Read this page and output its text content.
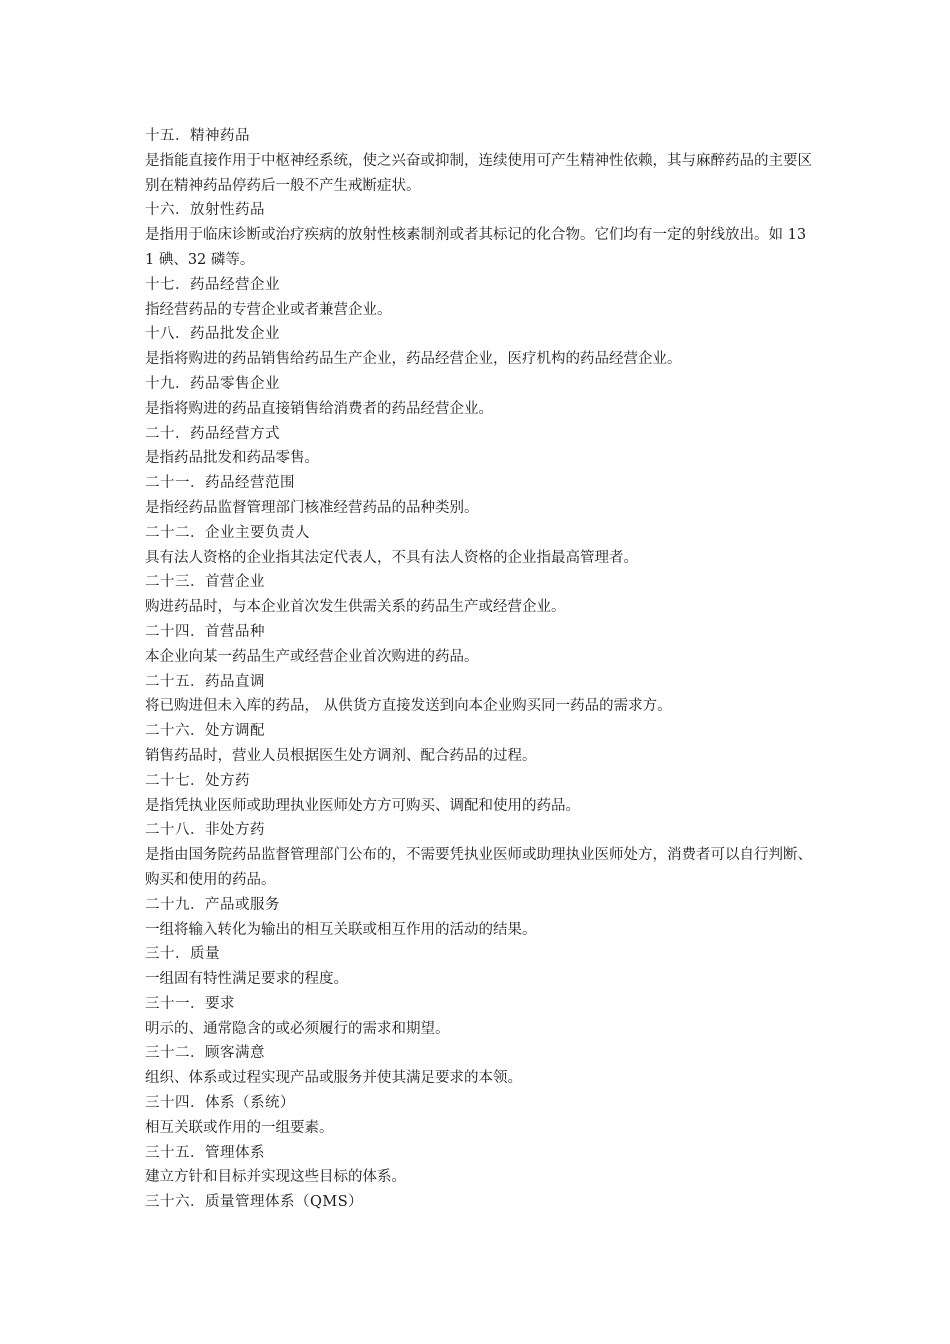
十五．精神药品

是指能直接作用于中枢神经系统，使之兴奋或抑制，连续使用可产生精神性依赖，其与麻醉药品的主要区别在精神药品停药后一般不产生戒断症状。

十六．放射性药品

是指用于临床诊断或治疗疾病的放射性核素制剂或者其标记的化合物。它们均有一定的射线放出。如 131 碘、32 磷等。

十七．药品经营企业

指经营药品的专营企业或者兼营企业。

十八．药品批发企业

是指将购进的药品销售给药品生产企业，药品经营企业，医疗机构的药品经营企业。

十九．药品零售企业

是指将购进的药品直接销售给消费者的药品经营企业。

二十．药品经营方式

是指药品批发和药品零售。

二十一．药品经营范围

是指经药品监督管理部门核准经营药品的品种类别。

二十二．企业主要负责人

具有法人资格的企业指其法定代表人，不具有法人资格的企业指最高管理者。

二十三．首营企业

购进药品时，与本企业首次发生供需关系的药品生产或经营企业。

二十四．首营品种

本企业向某一药品生产或经营企业首次购进的药品。

二十五．药品直调

将已购进但未入库的药品， 从供货方直接发送到向本企业购买同一药品的需求方。

二十六．处方调配

销售药品时，营业人员根据医生处方调剂、配合药品的过程。

二十七．处方药

是指凭执业医师或助理执业医师处方方可购买、调配和使用的药品。

二十八．非处方药

是指由国务院药品监督管理部门公布的，不需要凭执业医师或助理执业医师处方，消费者可以自行判断、购买和使用的药品。

二十九．产品或服务

一组将输入转化为输出的相互关联或相互作用的活动的结果。

三十．质量

一组固有特性满足要求的程度。

三十一．要求

明示的、通常隐含的或必须履行的需求和期望。

三十二．顾客满意

组织、体系或过程实现产品或服务并使其满足要求的本领。

三十四．体系（系统）

相互关联或作用的一组要素。

三十五．管理体系

建立方针和目标并实现这些目标的体系。

三十六．质量管理体系（QMS）
